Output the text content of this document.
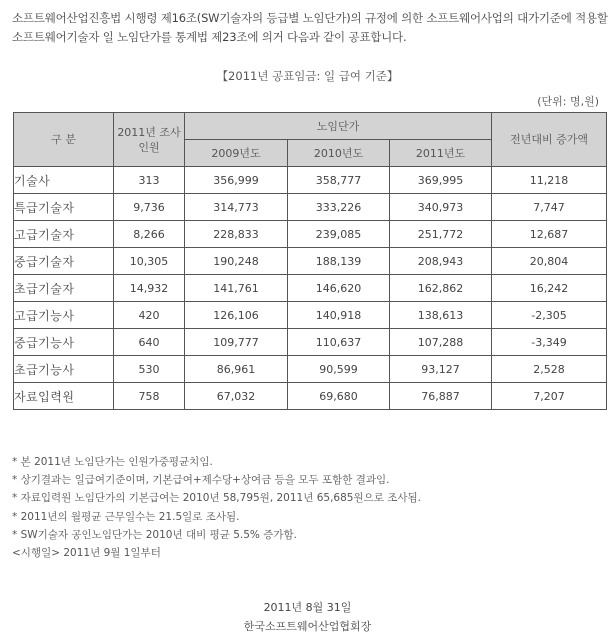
소프트웨어산업진흥법 시행령 제16조(SW기술자의 등급별 노임단가)의 규정에 의한 소프트웨어사업의 대가기준에 적용할 소프트웨어기술자 일 노임단가를 통계법 제23조에 의거 다음과 같이 공표합니다.
【2011년 공표임금: 일 급여 기준】
(단위: 명,원)
구 분	2011년 조사인원	노임단가			전년대비 증가액
		2009년도	2010년도	2011년도	
기술사	313	356,999	358,777	369,995	11,218
특급기술자	9,736	314,773	333,226	340,973	7,747
고급기술자	8,266	228,833	239,085	251,772	12,687
중급기술자	10,305	190,248	188,139	208,943	20,804
초급기술자	14,932	141,761	146,620	162,862	16,242
고급기능사	420	126,106	140,918	138,613	-2,305
중급기능사	640	109,777	110,637	107,288	-3,349
초급기능사	530	86,961	90,599	93,127	2,528
자료입력원	758	67,032	69,680	76,887	7,207
* 본 2011년 노임단가는 인원가중평균치임.
* 상기결과는 일급여기준이며, 기본급여+제수당+상여금 등을 모두 포함한 결과임.
* 자료입력원 노임단가의 기본급여는 2010년 58,795원, 2011년 65,685원으로 조사됨.
* 2011년의 월평균 근무일수는 21.5일로 조사됨.
* SW기술자 공인노임단가는 2010년 대비 평균 5.5% 증가함.
<시행일> 2011년 9월 1일부터
2011년 8월 31일
한국소프트웨어산업협회장
